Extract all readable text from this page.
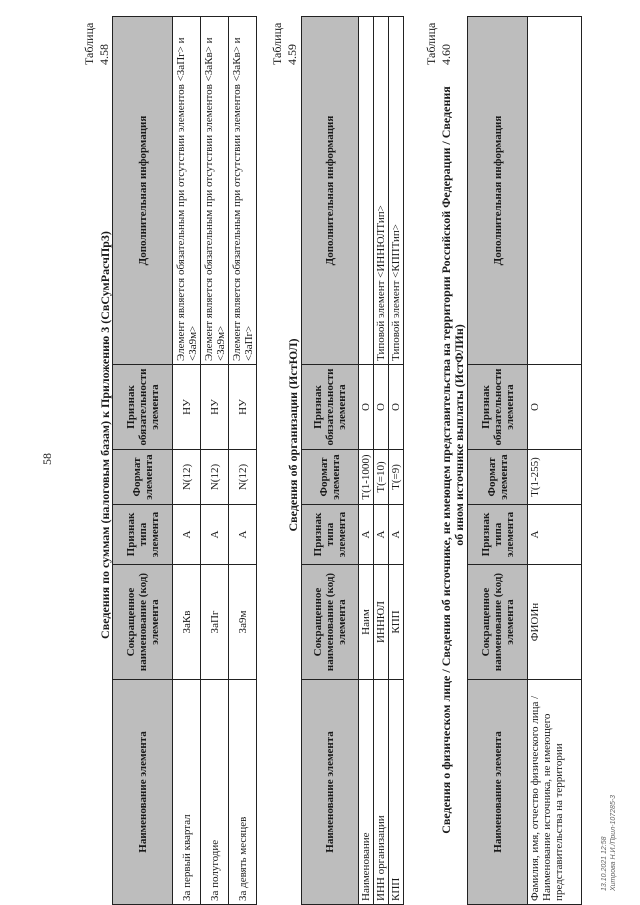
58
Таблица 4.58
Сведения по суммам (налоговым базам) к Приложению 3 (СвСумРасчПр3)
Наименование элемента	Сокращенное наименование (код) элемента	Признак типа элемента	Формат элемента	Признак обязательности элемента	Дополнительная информация
За первый квартал	ЗаКв	А	N(12)	НУ	Элемент является обязательным при отсутствии элементов <ЗаПг> и <За9м>
За полугодие	ЗаПг	А	N(12)	НУ	Элемент является обязательным при отсутствии элементов <ЗаКв> и <За9м>
За девять месяцев	За9м	А	N(12)	НУ	Элемент является обязательным при отсутствии элементов <ЗаКв> и <ЗаПг>
Таблица 4.59
Сведения об организации (ИстЮЛ)
Наименование элемента	Сокращенное наименование (код) элемента	Признак типа элемента	Формат элемента	Признак обязательности элемента	Дополнительная информация
Наименование	Наим	А	T(1-1000)	О	
ИНН организации	ИННЮЛ	А	T(=10)	О	Типовой элемент <ИННЮЛТип>
КПП	КПП	А	T(=9)	О	Типовой элемент <КППТип>
Таблица 4.60
Сведения о физическом лице / Сведения об источнике, не имеющем представительства на территории Российской Федерации / Сведения об ином источнике выплаты (ИстФЛИн)
Наименование элемента	Сокращенное наименование (код) элемента	Признак типа элемента	Формат элемента	Признак обязательности элемента	Дополнительная информация
Фамилия, имя, отчество физического лица / Наименование источника, не имеющего представительства на территории	ФИОИн	А	T(1-255)	О	
13.10.2021 12:58 Хитрова Н.И./Прил-107285-3
